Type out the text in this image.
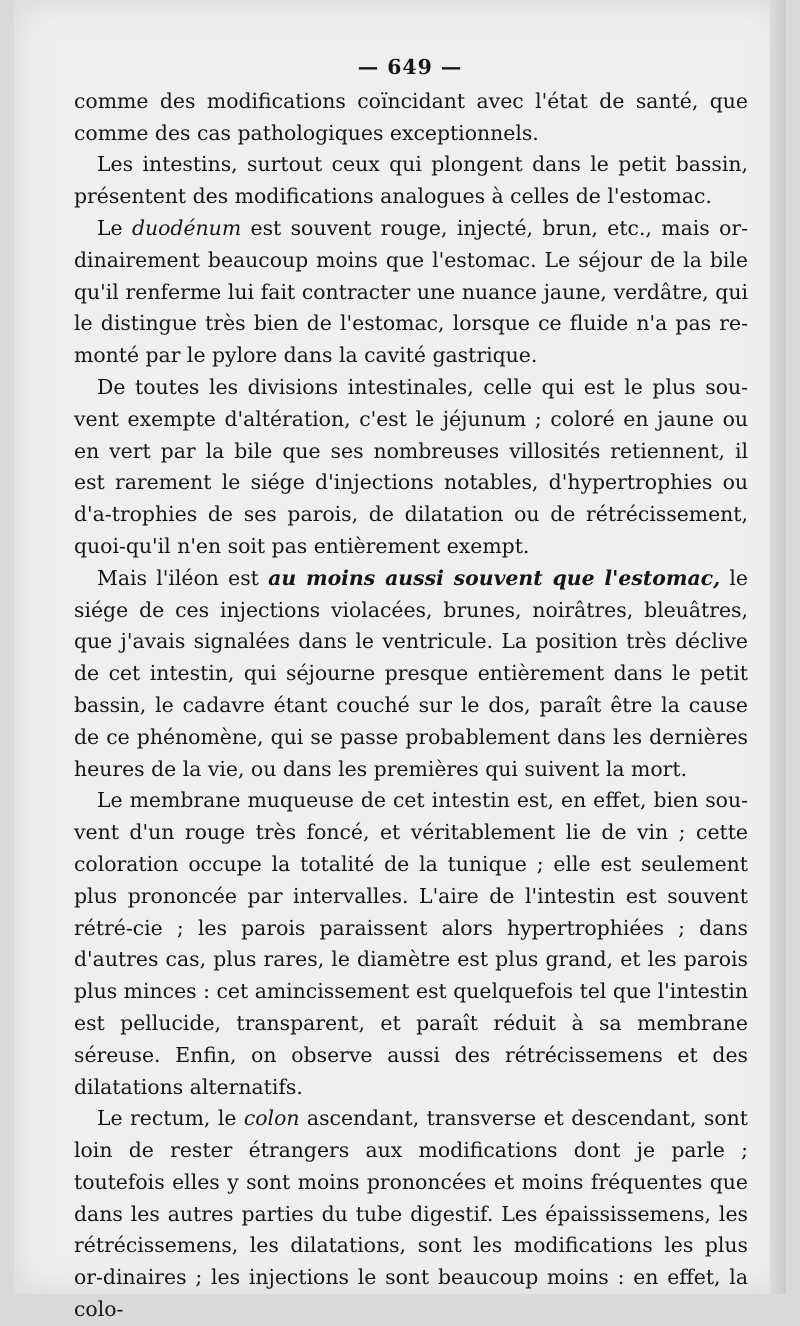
— 649 —

comme des modifications coïncidant avec l'état de santé, que comme des cas pathologiques exceptionnels.

Les intestins, surtout ceux qui plongent dans le petit bassin, présentent des modifications analogues à celles de l'estomac.

Le duodénum est souvent rouge, injecté, brun, etc., mais or-dinairement beaucoup moins que l'estomac. Le séjour de la bile qu'il renferme lui fait contracter une nuance jaune, verdâtre, qui le distingue très bien de l'estomac, lorsque ce fluide n'a pas re-monté par le pylore dans la cavité gastrique.

De toutes les divisions intestinales, celle qui est le plus sou-vent exempte d'altération, c'est le jéjunum ; coloré en jaune ou en vert par la bile que ses nombreuses villosités retiennent, il est rarement le siége d'injections notables, d'hypertrophies ou d'a-trophies de ses parois, de dilatation ou de rétrécissement, quoi-qu'il n'en soit pas entièrement exempt.

Mais l'iléon est au moins aussi souvent que l'estomac, le siége de ces injections violacées, brunes, noirâtres, bleuâtres, que j'avais signalées dans le ventricule. La position très déclive de cet intestin, qui séjourne presque entièrement dans le petit bassin, le cadavre étant couché sur le dos, paraît être la cause de ce phénomène, qui se passe probablement dans les dernières heures de la vie, ou dans les premières qui suivent la mort.

Le membrane muqueuse de cet intestin est, en effet, bien sou-vent d'un rouge très foncé, et véritablement lie de vin ; cette coloration occupe la totalité de la tunique ; elle est seulement plus prononcée par intervalles. L'aire de l'intestin est souvent rétré-cie ; les parois paraissent alors hypertrophiées ; dans d'autres cas, plus rares, le diamètre est plus grand, et les parois plus minces : cet amincissement est quelquefois tel que l'intestin est pellucide, transparent, et paraît réduit à sa membrane séreuse. Enfin, on observe aussi des rétrécissemens et des dilatations alternatifs.

Le rectum, le colon ascendant, transverse et descendant, sont loin de rester étrangers aux modifications dont je parle ; toutefois elles y sont moins prononcées et moins fréquentes que dans les autres parties du tube digestif. Les épaississemens, les rétrécissemens, les dilatations, sont les modifications les plus or-dinaires ; les injections le sont beaucoup moins : en effet, la colo-
